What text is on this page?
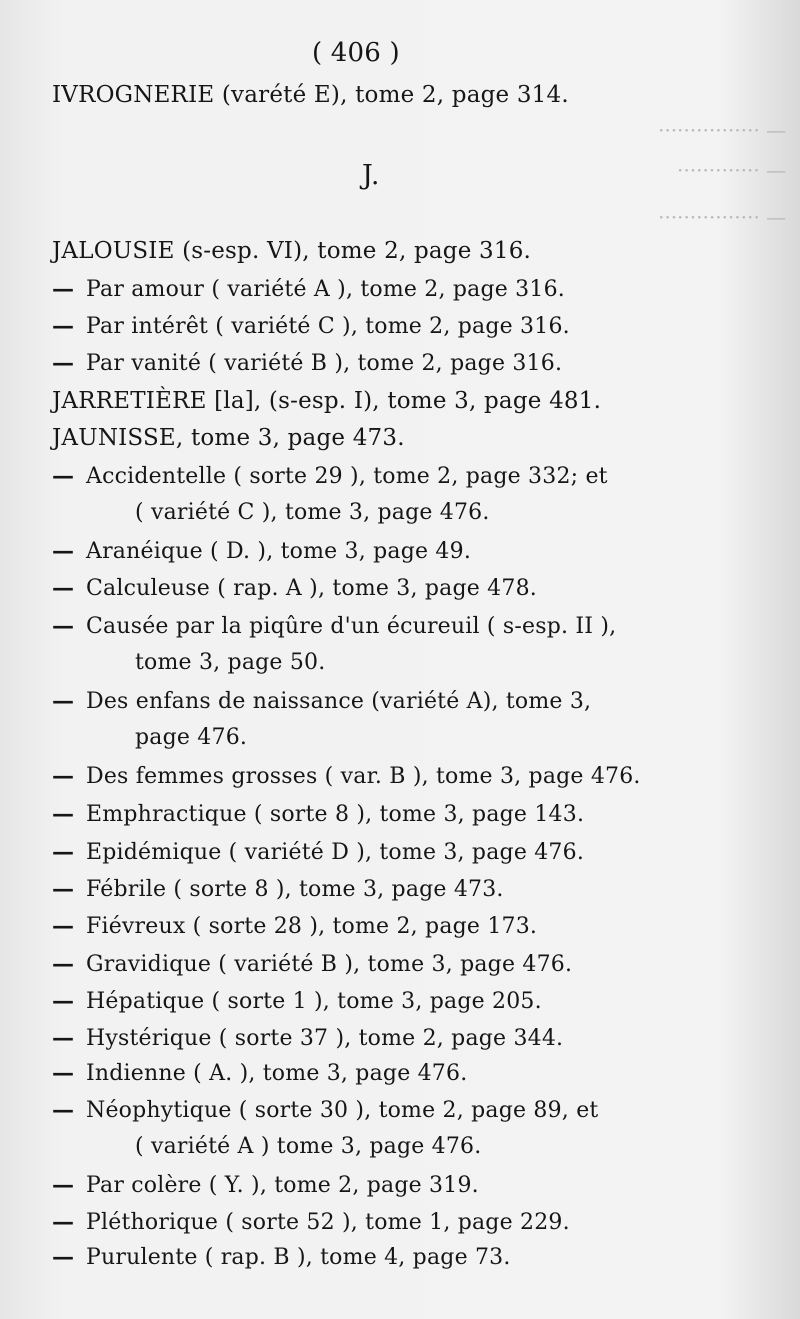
( 406 )
IVROGNERIE (varété E), tome 2, page 314.
J.
— ················
— ·············
— ················
JALOUSIE (s-esp. VI), tome 2, page 316.
— Par amour ( variété A ), tome 2, page 316.
— Par intérêt ( variété C ), tome 2, page 316.
— Par vanité ( variété B ), tome 2, page 316.
JARRETIÈRE [la], (s-esp. I), tome 3, page 481.
JAUNISSE, tome 3, page 473.
— Accidentelle ( sorte 29 ), tome 2, page 332; et
( variété C ), tome 3, page 476.
— Aranéique ( D. ), tome 3, page 49.
— Calculeuse ( rap. A ), tome 3, page 478.
— Causée par la piqûre d'un écureuil ( s-esp. II ),
tome 3, page 50.
— Des enfans de naissance (variété A), tome 3,
page 476.
— Des femmes grosses ( var. B ), tome 3, page 476.
— Emphractique ( sorte 8 ), tome 3, page 143.
— Epidémique ( variété D ), tome 3, page 476.
— Fébrile ( sorte 8 ), tome 3, page 473.
— Fiévreux ( sorte 28 ), tome 2, page 173.
— Gravidique ( variété B ), tome 3, page 476.
— Hépatique ( sorte 1 ), tome 3, page 205.
— Hystérique ( sorte 37 ), tome 2, page 344.
— Indienne ( A. ), tome 3, page 476.
— Néophytique ( sorte 30 ), tome 2, page 89, et
( variété A ) tome 3, page 476.
— Par colère ( Y. ), tome 2, page 319.
— Pléthorique ( sorte 52 ), tome 1, page 229.
— Purulente ( rap. B ), tome 4, page 73.
